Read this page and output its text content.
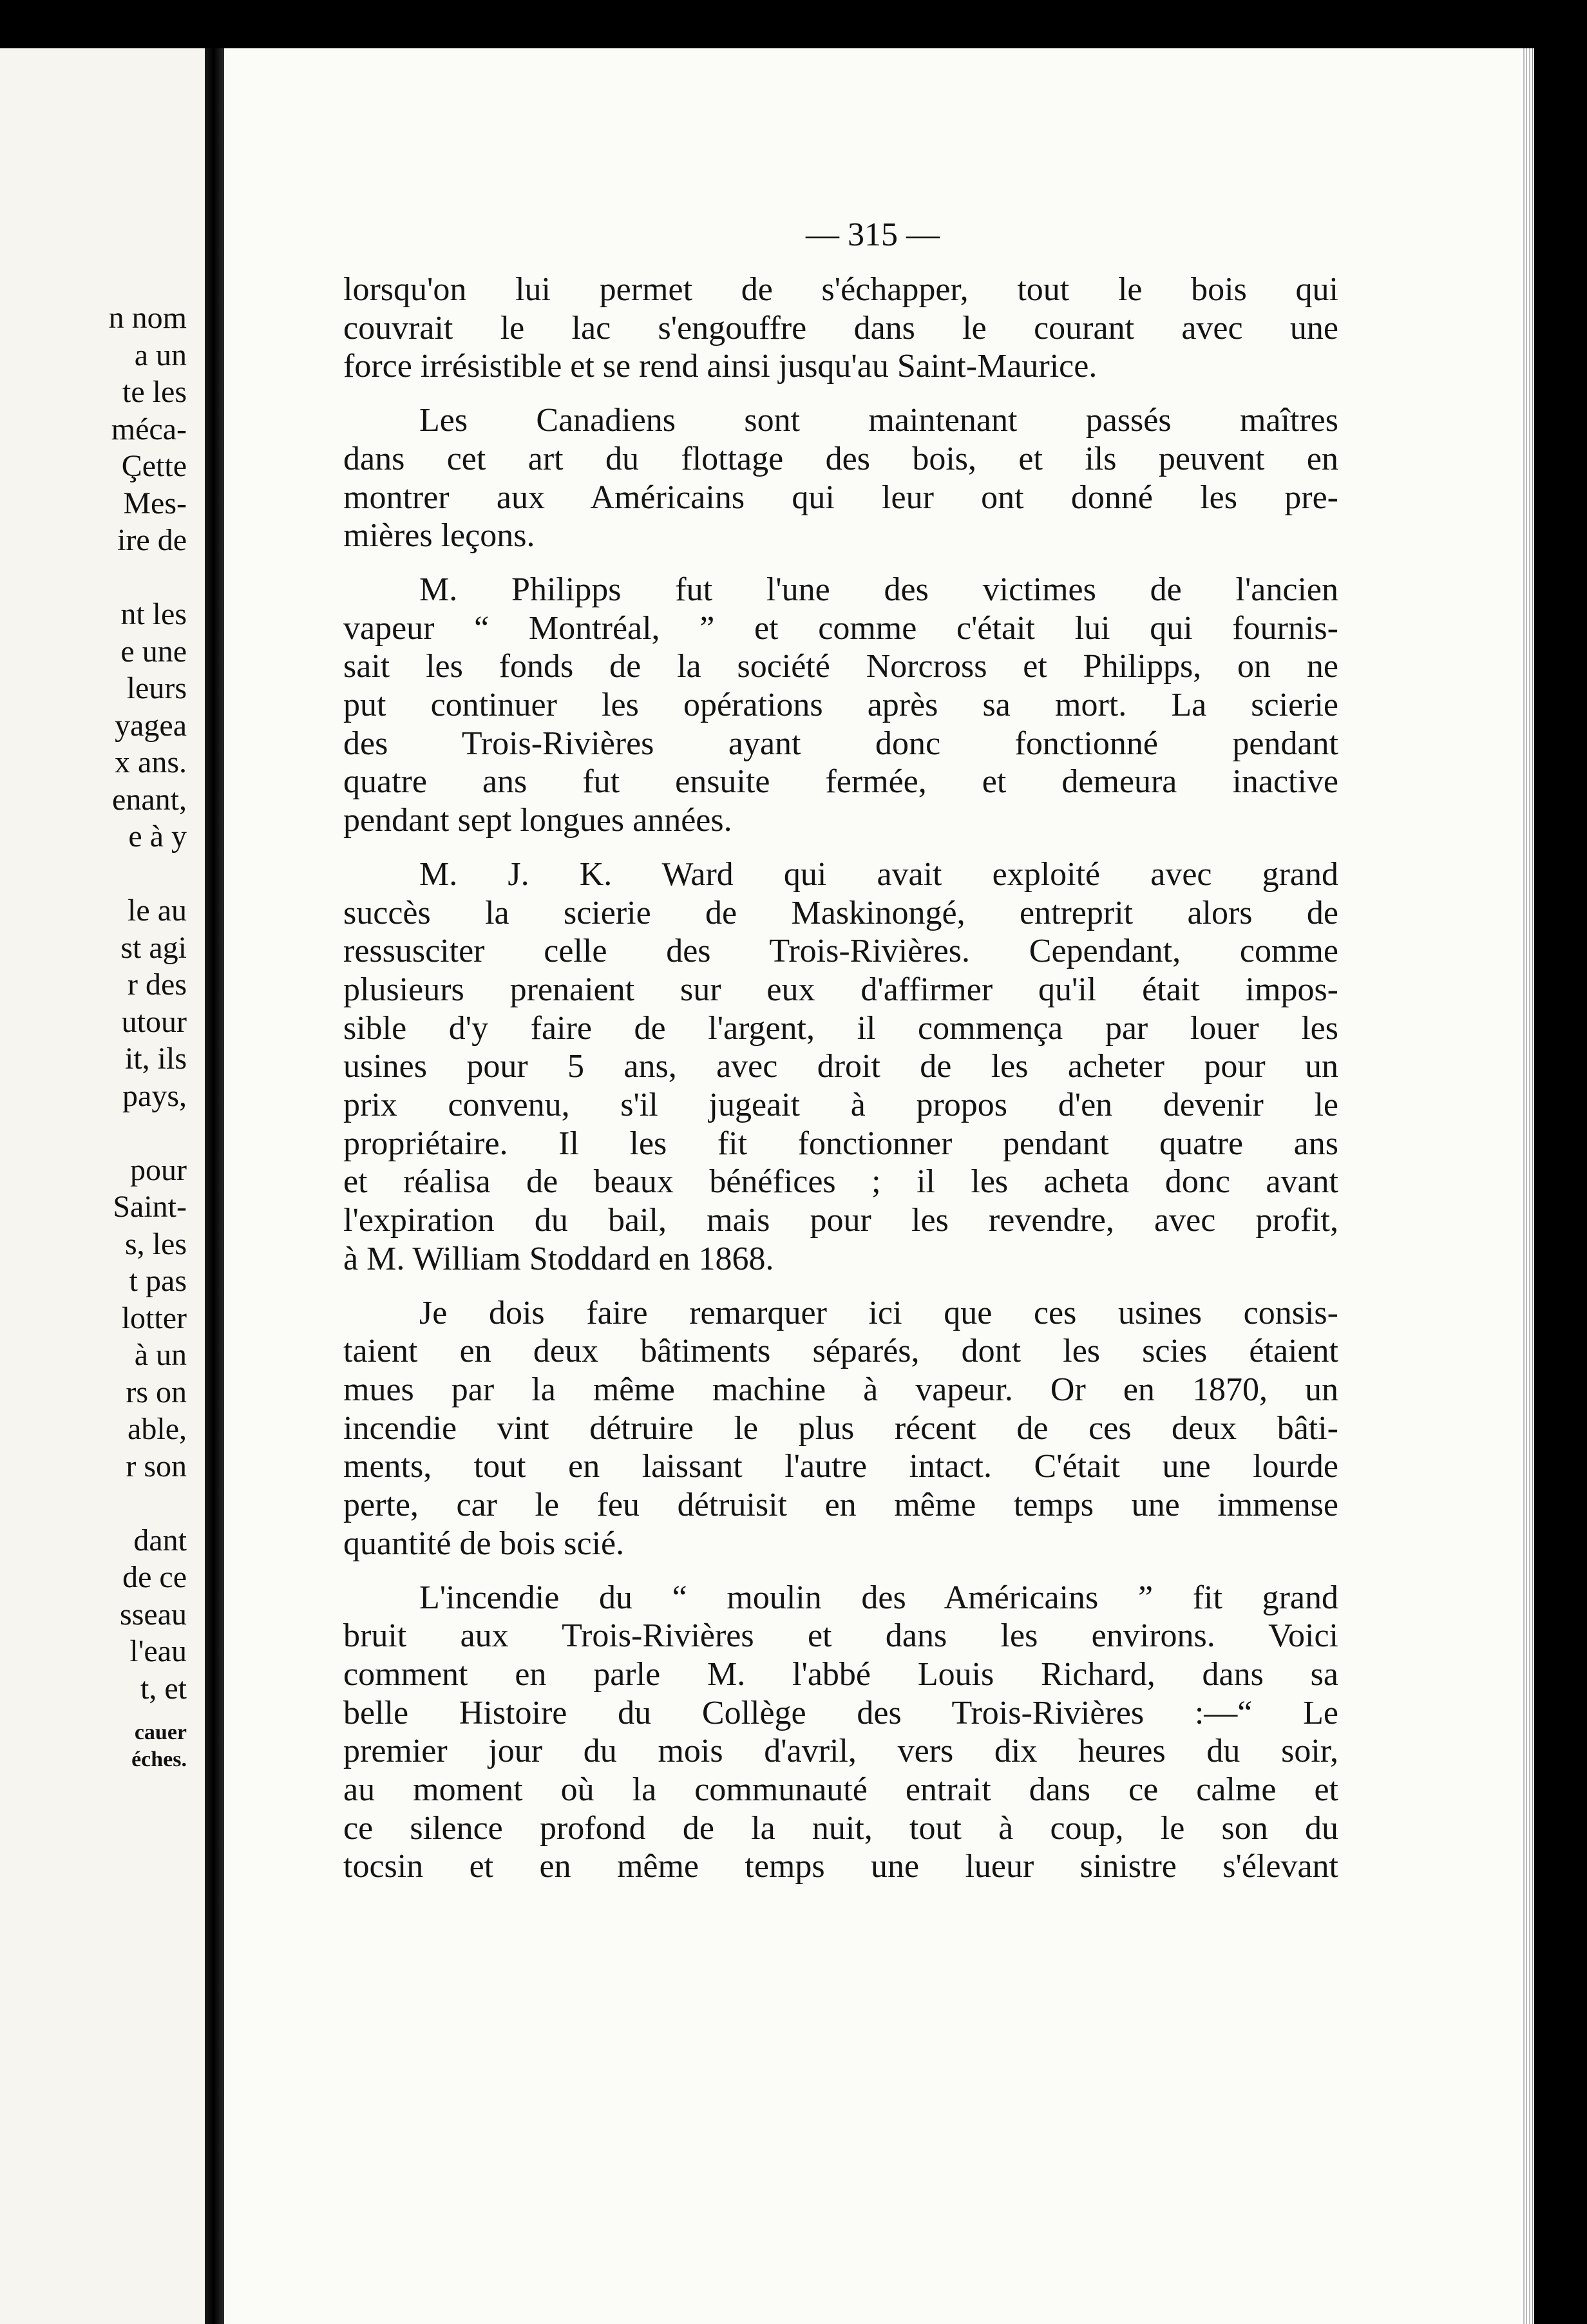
n nom

a un

te les

méca-

Çette

Mes-

ire de

nt les

e une

leurs

yagea

x ans.

enant,

e à y

le au

st agi

r des

utour

it, ils

pays,

pour

Saint-

s, les

t pas

lotter

à un

rs on

able,

r son

dant

de ce

sseau

l'eau

t, et

cauer

éches.

— 315 —

lorsqu'on lui permet de s'échapper, tout le bois qui
couvrait le lac s'engouffre dans le courant avec une
force irrésistible et se rend ainsi jusqu'au Saint-Maurice.
Les Canadiens sont maintenant passés maîtres
dans cet art du flottage des bois, et ils peuvent en
montrer aux Américains qui leur ont donné les pre-
mières leçons.
M. Philipps fut l'une des victimes de l'ancien
vapeur “ Montréal, ” et comme c'était lui qui fournis-
sait les fonds de la société Norcross et Philipps, on ne
put continuer les opérations après sa mort. La scierie
des Trois-Rivières ayant donc fonctionné pendant
quatre ans fut ensuite fermée, et demeura inactive
pendant sept longues années.
M. J. K. Ward qui avait exploité avec grand
succès la scierie de Maskinongé, entreprit alors de
ressusciter celle des Trois-Rivières. Cependant, comme
plusieurs prenaient sur eux d'affirmer qu'il était impos-
sible d'y faire de l'argent, il commença par louer les
usines pour 5 ans, avec droit de les acheter pour un
prix convenu, s'il jugeait à propos d'en devenir le
propriétaire. Il les fit fonctionner pendant quatre ans
et réalisa de beaux bénéfices ; il les acheta donc avant
l'expiration du bail, mais pour les revendre, avec profit,
à M. William Stoddard en 1868.
Je dois faire remarquer ici que ces usines consis-
taient en deux bâtiments séparés, dont les scies étaient
mues par la même machine à vapeur. Or en 1870, un
incendie vint détruire le plus récent de ces deux bâti-
ments, tout en laissant l'autre intact. C'était une lourde
perte, car le feu détruisit en même temps une immense
quantité de bois scié.
L'incendie du “ moulin des Américains ” fit grand
bruit aux Trois-Rivières et dans les environs. Voici
comment en parle M. l'abbé Louis Richard, dans sa
belle Histoire du Collège des Trois-Rivières :—“ Le
premier jour du mois d'avril, vers dix heures du soir,
au moment où la communauté entrait dans ce calme et
ce silence profond de la nuit, tout à coup, le son du
tocsin et en même temps une lueur sinistre s'élevant
